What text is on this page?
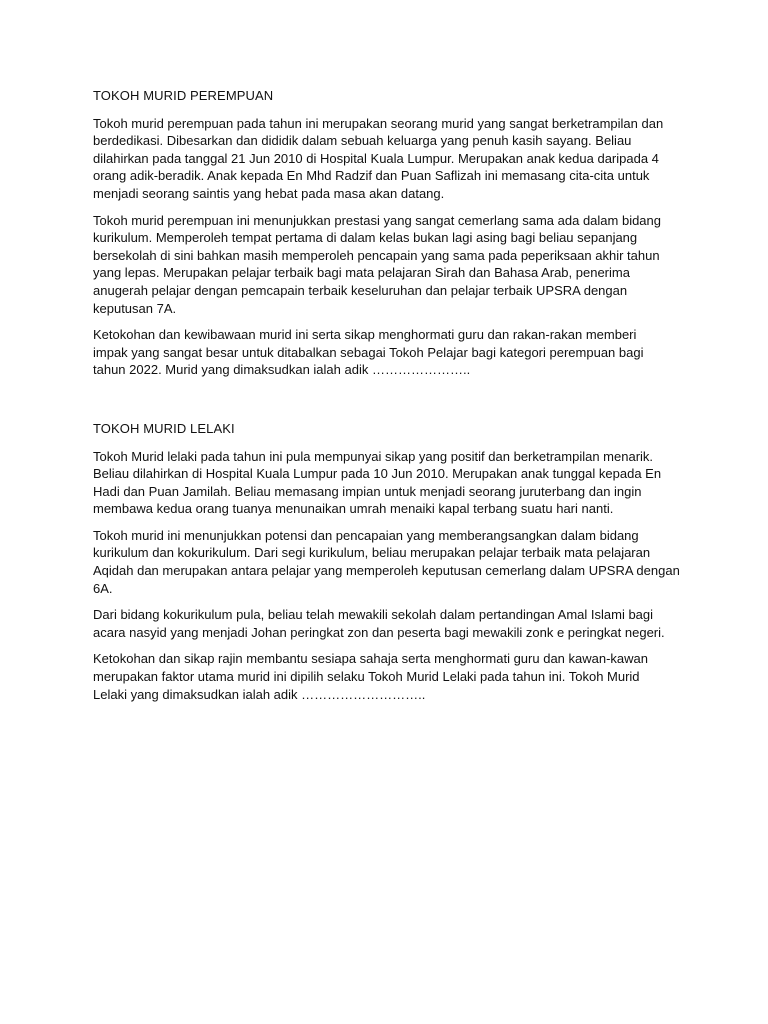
TOKOH MURID PEREMPUAN

Tokoh murid perempuan pada tahun ini merupakan seorang murid yang sangat berketrampilan dan
berdedikasi. Dibesarkan dan dididik dalam sebuah keluarga yang penuh kasih sayang. Beliau
dilahirkan pada tanggal 21 Jun 2010 di Hospital Kuala Lumpur. Merupakan anak kedua daripada 4
orang adik-beradik. Anak kepada En Mhd Radzif dan Puan Saflizah ini memasang cita-cita untuk
menjadi seorang saintis yang hebat pada masa akan datang.

Tokoh murid perempuan ini menunjukkan prestasi yang sangat cemerlang sama ada dalam bidang
kurikulum. Memperoleh tempat pertama di dalam kelas bukan lagi asing bagi beliau sepanjang
bersekolah di sini bahkan masih memperoleh pencapain yang sama pada peperiksaan akhir tahun
yang lepas. Merupakan pelajar terbaik bagi mata pelajaran Sirah dan Bahasa Arab, penerima
anugerah pelajar dengan pemcapain terbaik keseluruhan dan pelajar terbaik UPSRA dengan
keputusan 7A.

Ketokohan dan kewibawaan murid ini serta sikap menghormati guru dan rakan-rakan memberi
impak yang sangat besar untuk ditabalkan sebagai Tokoh Pelajar bagi kategori perempuan bagi
tahun 2022. Murid yang dimaksudkan ialah adik …………………..

TOKOH MURID LELAKI

Tokoh Murid lelaki pada tahun ini pula mempunyai sikap yang positif dan berketrampilan menarik.
Beliau dilahirkan di Hospital Kuala Lumpur pada 10 Jun 2010. Merupakan anak tunggal kepada En
Hadi dan Puan Jamilah. Beliau memasang impian untuk menjadi seorang juruterbang dan ingin
membawa kedua orang tuanya menunaikan umrah menaiki kapal terbang suatu hari nanti.

Tokoh murid ini menunjukkan potensi dan pencapaian yang memberangsangkan dalam bidang
kurikulum dan kokurikulum. Dari segi kurikulum, beliau merupakan pelajar terbaik mata pelajaran
Aqidah dan merupakan antara pelajar yang memperoleh keputusan cemerlang dalam UPSRA dengan
6A.

Dari bidang kokurikulum pula, beliau telah mewakili sekolah dalam pertandingan Amal Islami bagi
acara nasyid yang menjadi Johan peringkat zon dan peserta bagi mewakili zonk e peringkat negeri.

Ketokohan dan sikap rajin membantu sesiapa sahaja serta menghormati guru dan kawan-kawan
merupakan faktor utama murid ini dipilih selaku Tokoh Murid Lelaki pada tahun ini. Tokoh Murid
Lelaki yang dimaksudkan ialah adik ………………………..
